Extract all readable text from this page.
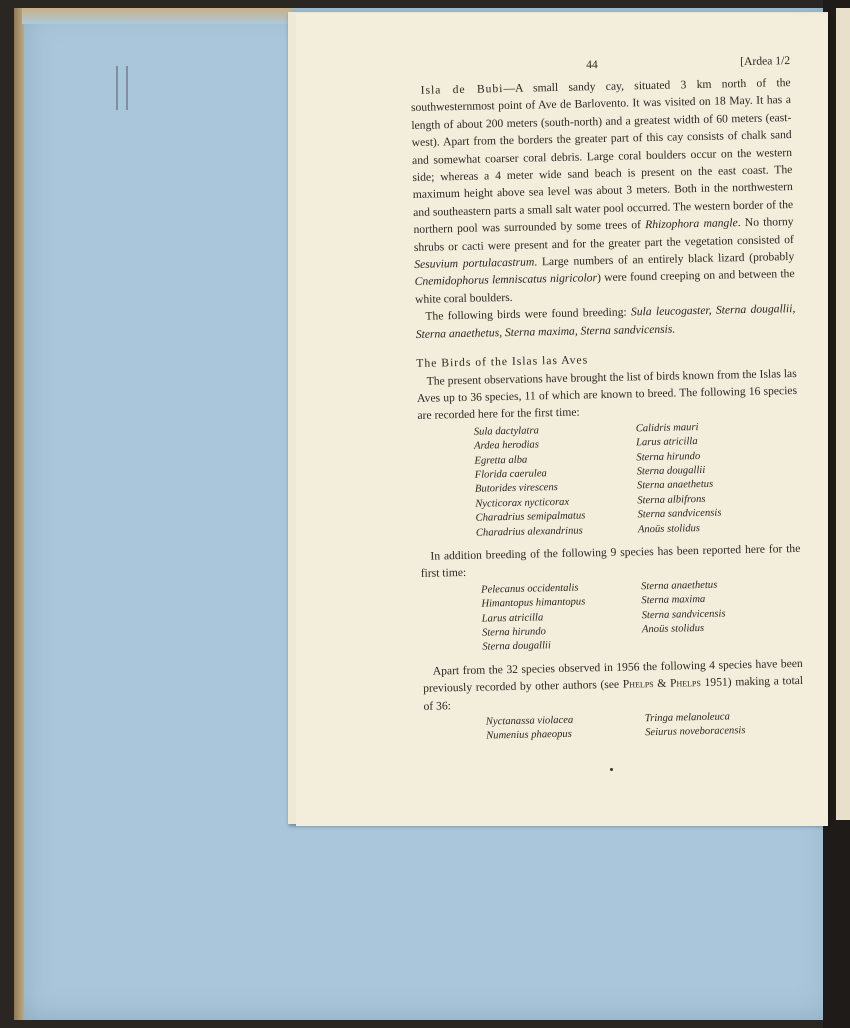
44	[Ardea 1/2

Isla de Bubi—A small sandy cay, situated 3 km north of the southwesternmost point of Ave de Barlovento. It was visited on 18 May. It has a length of about 200 meters (south-north) and a greatest width of 60 meters (east-west). Apart from the borders the greater part of this cay consists of chalk sand and somewhat coarser coral debris. Large coral boulders occur on the western side; whereas a 4 meter wide sand beach is present on the east coast. The maximum height above sea level was about 3 meters. Both in the northwestern and southeastern parts a small salt water pool occurred. The western border of the northern pool was surrounded by some trees of Rhizophora mangle. No thorny shrubs or cacti were present and for the greater part the vegetation consisted of Sesuvium portulacastrum. Large numbers of an entirely black lizard (probably Cnemidophorus lemniscatus nigricolor) were found creeping on and between the white coral boulders.

The following birds were found breeding: Sula leucogaster, Sterna dougallii, Sterna anaethetus, Sterna maxima, Sterna sandvicensis.

The Birds of the Islas las Aves

The present observations have brought the list of birds known from the Islas las Aves up to 36 species, 11 of which are known to breed. The following 16 species are recorded here for the first time:

Sula dactylatra
Ardea herodias
Egretta alba
Florida caerulea
Butorides virescens
Nycticorax nycticorax
Charadrius semipalmatus
Charadrius alexandrinus
Calidris mauri
Larus atricilla
Sterna hirundo
Sterna dougallii
Sterna anaethetus
Sterna albifrons
Sterna sandvicensis
Anoüs stolidus

In addition breeding of the following 9 species has been reported here for the first time:

Pelecanus occidentalis
Himantopus himantopus
Larus atricilla
Sterna hirundo
Sterna dougallii
Sterna anaethetus
Sterna maxima
Sterna sandvicensis
Anoüs stolidus

Apart from the 32 species observed in 1956 the following 4 species have been previously recorded by other authors (see Phelps & Phelps 1951) making a total of 36:

Nyctanassa violacea
Numenius phaeopus
Tringa melanoleuca
Seiurus noveboracensis
